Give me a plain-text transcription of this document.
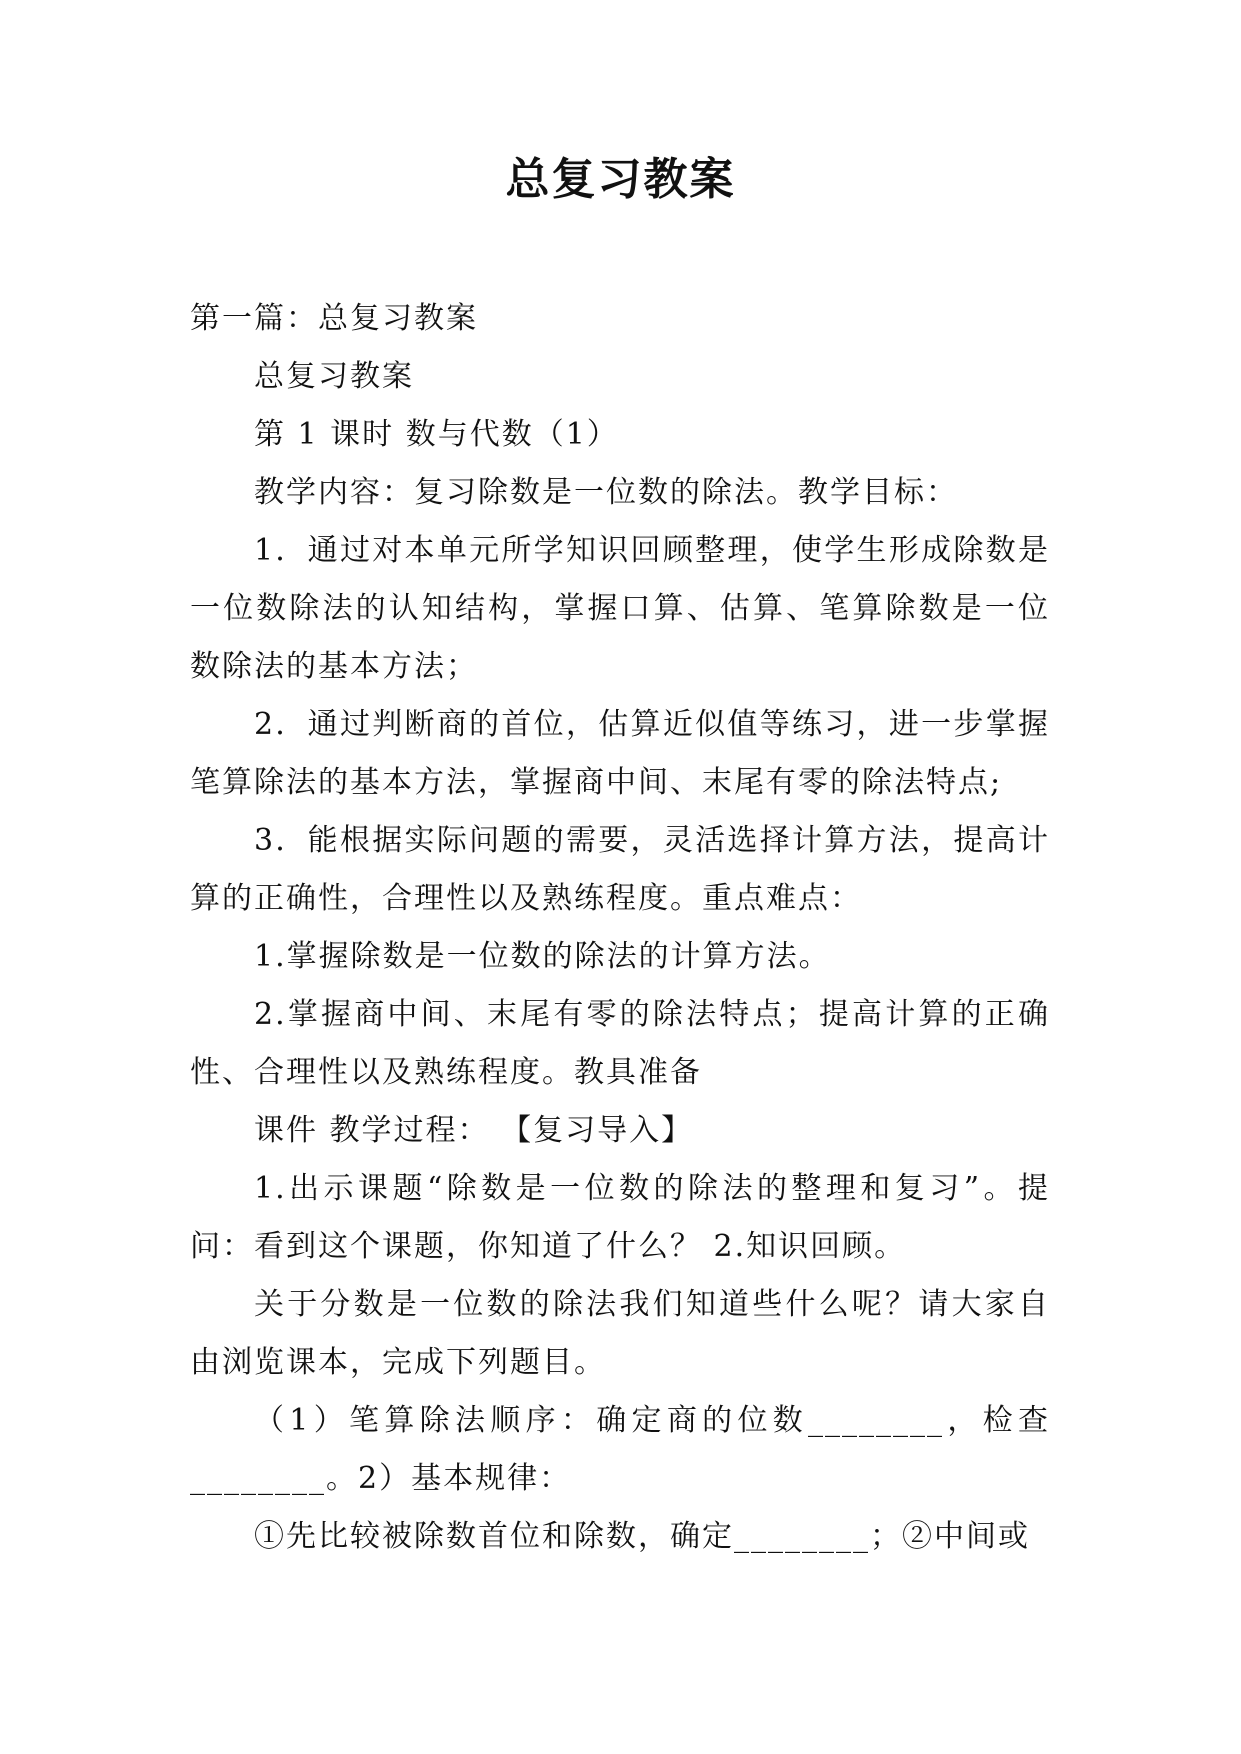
总复习教案

第一篇：总复习教案

总复习教案

第 1 课时 数与代数（1）

教学内容：复习除数是一位数的除法。教学目标：

1．通过对本单元所学知识回顾整理，使学生形成除数是一位数除法的认知结构，掌握口算、估算、笔算除数是一位数除法的基本方法；

2．通过判断商的首位，估算近似值等练习，进一步掌握笔算除法的基本方法，掌握商中间、末尾有零的除法特点;

3．能根据实际问题的需要，灵活选择计算方法，提高计算的正确性，合理性以及熟练程度。重点难点：

1.掌握除数是一位数的除法的计算方法。

2.掌握商中间、末尾有零的除法特点；提高计算的正确性、合理性以及熟练程度。教具准备

课件 教学过程： 【复习导入】

1.出示课题“除数是一位数的除法的整理和复习”。提问：看到这个课题，你知道了什么？ 2.知识回顾。

关于分数是一位数的除法我们知道些什么呢？请大家自由浏览课本，完成下列题目。

（1）笔算除法顺序：确定商的位数________，检查________。2）基本规律：

①先比较被除数首位和除数，确定________；②中间或
